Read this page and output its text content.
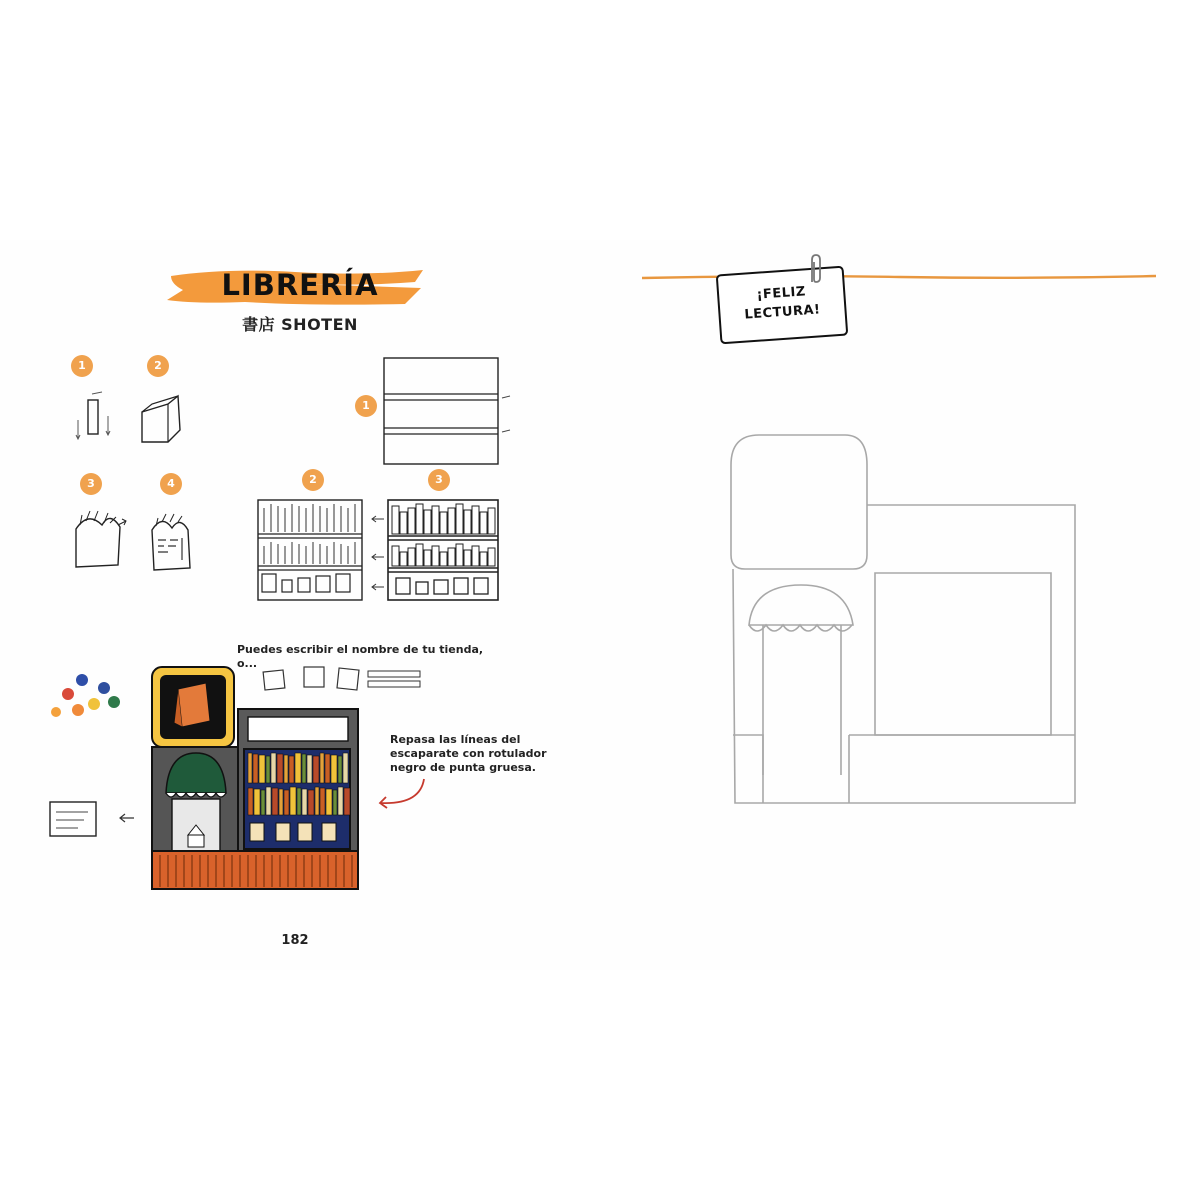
LIBRERÍA
書店 SHOTEN
1	2
3	4
1
2	3
Puedes escribir el nombre de tu tienda,
o...
Repasa las líneas del
escaparate con rotulador
negro de punta gruesa.
182
¡FELIZ
LECTURA!
